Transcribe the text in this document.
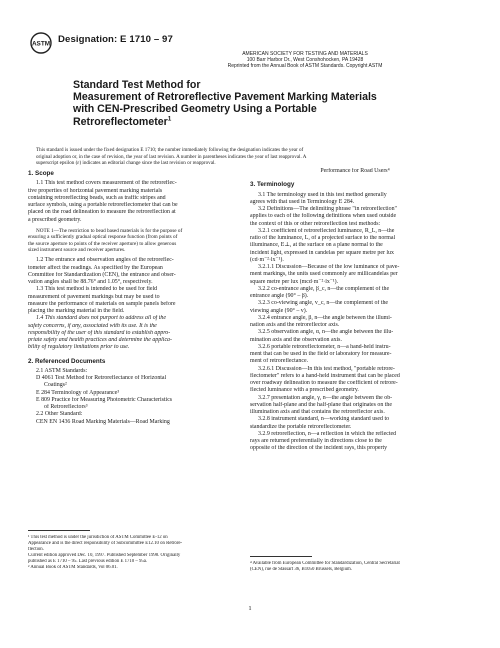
ASTM Designation: E 1710 – 97
AMERICAN SOCIETY FOR TESTING AND MATERIALS
100 Barr Harbor Dr., West Conshohocken, PA 19428
Reprinted from the Annual Book of ASTM Standards. Copyright ASTM
Standard Test Method for
Measurement of Retroreflective Pavement Marking Materials
with CEN-Prescribed Geometry Using a Portable
Retroreflectometer$^1$
This standard is issued under the fixed designation E 1710; the number immediately following the designation indicates the year of
original adoption or, in the case of revision, the year of last revision. A number in parentheses indicates the year of last reapproval. A
superscript epsilon (ε) indicates an editorial change since the last revision or reapproval.
1. Scope
1.1 This test method covers measurement of the retroreflec-
tive properties of horizontal pavement marking materials
containing retroreflecting beads, such as traffic stripes and
surface symbols, using a portable retroreflectometer that can be
placed on the road delineation to measure the retroreflection at
a prescribed geometry.
NOTE 1—The restriction to bead based materials is for the purpose of
ensuring a sufficiently gradual optical response function (from points of
the source aperture to points of the receiver aperture) to allow generous
sized instrument source and receiver apertures.
1.2 The entrance and observation angles of the retroreflec-
tometer affect the readings. As specified by the European
Committee for Standardization (CEN), the entrance and obser-
vation angles shall be 88.76° and 1.05°, respectively.
1.3 This test method is intended to be used for field
measurement of pavement markings but may be used to
measure the performance of materials on sample panels before
placing the marking material in the field.
1.4 This standard does not purport to address all of the
safety concerns, if any, associated with its use. It is the
responsibility of the user of this standard to establish appro-
priate safety and health practices and determine the applica-
bility of regulatory limitations prior to use.
2. Referenced Documents
2.1 ASTM Standards:
D 4061 Test Method for Retroreflectance of Horizontal
Coatings²
E 284 Terminology of Appearance³
E 809 Practice for Measuring Photometric Characteristics
of Retroreflectors³
2.2 Other Standard:
CEN EN 1436 Road Marking Materials—Road Marking
Performance for Road Users⁴
3. Terminology
3.1 The terminology used in this test method generally
agrees with that used in Terminology E 284.
3.2 Definitions—The delimiting phrase "in retroreflection"
applies to each of the following definitions when used outside
the context of this or other retroreflection test methods:
3.2.1 coefficient of retroreflected luminance, R_L, n—the
ratio of the luminance, L, of a projected surface to the normal
illuminance, E⊥, at the surface on a plane normal to the
incident light, expressed in candelas per square metre per lux
(cd·m⁻²·lx⁻¹).
3.2.1.1 Discussion—Because of the low luminance of pave-
ment markings, the units used commonly are millicandelas per
square metre per lux (mcd·m⁻²·lx⁻¹).
3.2.2 co-entrance angle, β_c, n—the complement of the
entrance angle (90° – β).
3.2.3 co-viewing angle, v_c, n—the complement of the
viewing angle (90° – v).
3.2.4 entrance angle, β, n—the angle between the illumi-
nation axis and the retroreflector axis.
3.2.5 observation angle, α, n—the angle between the illu-
mination axis and the observation axis.
3.2.6 portable retroreflectometer, n—a hand-held instru-
ment that can be used in the field or laboratory for measure-
ment of retroreflectance.
3.2.6.1 Discussion—In this test method, "portable retrore-
flectometer" refers to a hand-held instrument that can be placed
over roadway delineation to measure the coefficient of retrore-
flected luminance with a prescribed geometry.
3.2.7 presentation angle, γ, n—the angle between the ob-
servation half-plane and the half-plane that originates on the
illumination axis and that contains the retroreflector axis.
3.2.8 instrument standard, n—working standard used to
standardize the portable retroreflectometer.
3.2.9 retroreflection, n—a reflection in which the reflected
rays are returned preferentially in directions close to the
opposite of the direction of the incident rays, this property
¹ This test method is under the jurisdiction of ASTM Committee E-12 on
Appearance and is the direct responsibility of Subcommittee E12.10 on Retrore-
flection.
Current edition approved Dec. 10, 1997. Published September 1998. Originally
published as E 1710 – 95. Last previous edition E 1710 – 95a.
² Annual Book of ASTM Standards, Vol 06.01.
⁴ Available from European Committee for Standardization, Central Secretariat
(CEN), rue de Stassart 36, B1050 Brussels, Belgium.
1
